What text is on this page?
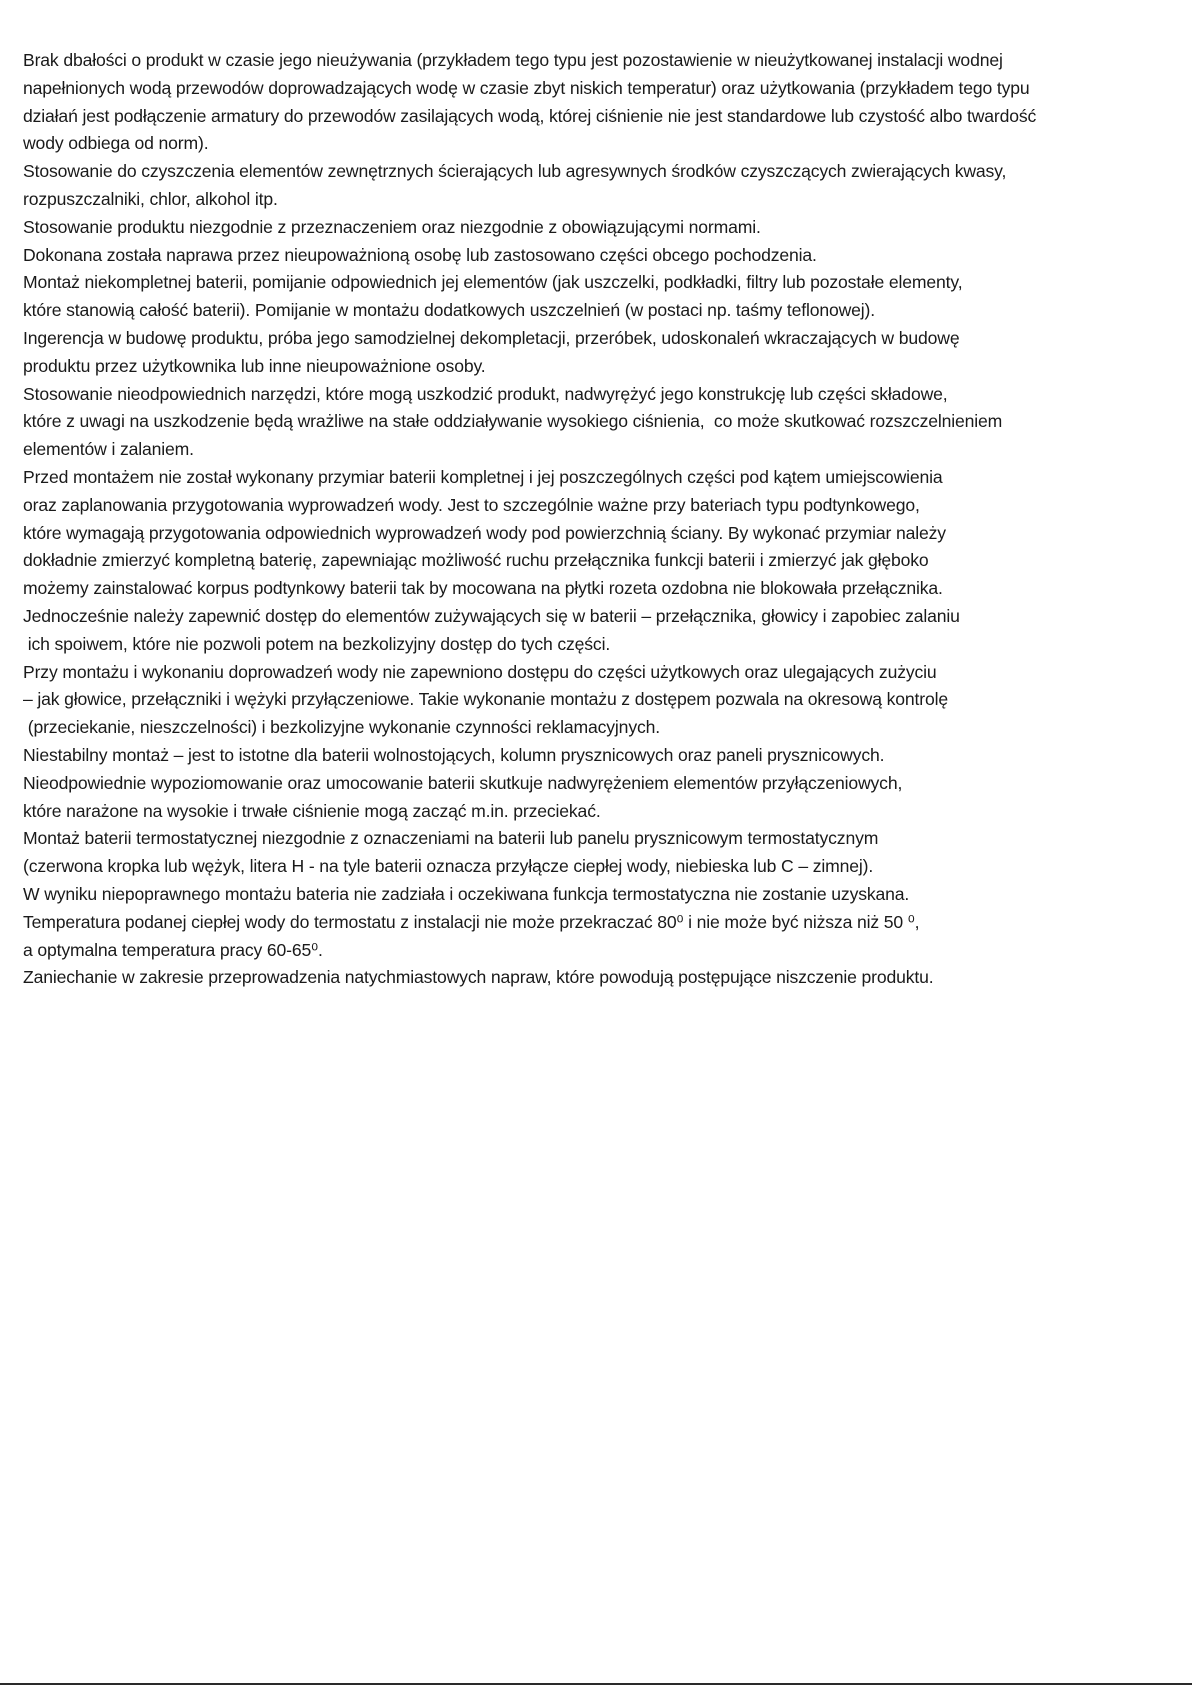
Brak dbałości o produkt w czasie jego nieużywania (przykładem tego typu jest pozostawienie w nieużytkowanej instalacji wodnej
napełnionych wodą przewodów doprowadzających wodę w czasie zbyt niskich temperatur) oraz użytkowania (przykładem tego typu
działań jest podłączenie armatury do przewodów zasilających wodą, której ciśnienie nie jest standardowe lub czystość albo twardość
wody odbiega od norm).
Stosowanie do czyszczenia elementów zewnętrznych ścierających lub agresywnych środków czyszczących zwierających kwasy,
rozpuszczalniki, chlor, alkohol itp.
Stosowanie produktu niezgodnie z przeznaczeniem oraz niezgodnie z obowiązującymi normami.
Dokonana została naprawa przez nieupoważnioną osobę lub zastosowano części obcego pochodzenia.
Montaż niekompletnej baterii, pomijanie odpowiednich jej elementów (jak uszczelki, podkładki, filtry lub pozostałe elementy,
które stanowią całość baterii). Pomijanie w montażu dodatkowych uszczelnień (w postaci np. taśmy teflonowej).
Ingerencja w budowę produktu, próba jego samodzielnej dekompletacji, przeróbek, udoskonaleń wkraczających w budowę
produktu przez użytkownika lub inne nieupoważnione osoby.
Stosowanie nieodpowiednich narzędzi, które mogą uszkodzić produkt, nadwyrężyć jego konstrukcję lub części składowe,
które z uwagi na uszkodzenie będą wrażliwe na stałe oddziaływanie wysokiego ciśnienia,  co może skutkować rozszczelnieniem
elementów i zalaniem.
Przed montażem nie został wykonany przymiar baterii kompletnej i jej poszczególnych części pod kątem umiejscowienia
oraz zaplanowania przygotowania wyprowadzeń wody. Jest to szczególnie ważne przy bateriach typu podtynkowego,
które wymagają przygotowania odpowiednich wyprowadzeń wody pod powierzchnią ściany. By wykonać przymiar należy
dokładnie zmierzyć kompletną baterię, zapewniając możliwość ruchu przełącznika funkcji baterii i zmierzyć jak głęboko
możemy zainstalować korpus podtynkowy baterii tak by mocowana na płytki rozeta ozdobna nie blokowała przełącznika.
Jednocześnie należy zapewnić dostęp do elementów zużywających się w baterii – przełącznika, głowicy i zapobiec zalaniu
ich spoiwem, które nie pozwoli potem na bezkolizyjny dostęp do tych części.
Przy montażu i wykonaniu doprowadzeń wody nie zapewniono dostępu do części użytkowych oraz ulegających zużyciu
– jak głowice, przełączniki i wężyki przyłączeniowe. Takie wykonanie montażu z dostępem pozwala na okresową kontrolę
(przeciekanie, nieszczelności) i bezkolizyjne wykonanie czynności reklamacyjnych.
Niestabilny montaż – jest to istotne dla baterii wolnostojących, kolumn prysznicowych oraz paneli prysznicowych.
Nieodpowiednie wypoziomowanie oraz umocowanie baterii skutkuje nadwyrężeniem elementów przyłączeniowych,
które narażone na wysokie i trwałe ciśnienie mogą zacząć m.in. przeciekać.
Montaż baterii termostatycznej niezgodnie z oznaczeniami na baterii lub panelu prysznicowym termostatycznym
(czerwona kropka lub wężyk, litera H - na tyle baterii oznacza przyłącze ciepłej wody, niebieska lub C – zimnej).
W wyniku niepoprawnego montażu bateria nie zadziała i oczekiwana funkcja termostatyczna nie zostanie uzyskana.
Temperatura podanej ciepłej wody do termostatu z instalacji nie może przekraczać 80⁰ i nie może być niższa niż 50 ⁰,
a optymalna temperatura pracy 60-65⁰.
Zaniechanie w zakresie przeprowadzenia natychmiastowych napraw, które powodują postępujące niszczenie produktu.
